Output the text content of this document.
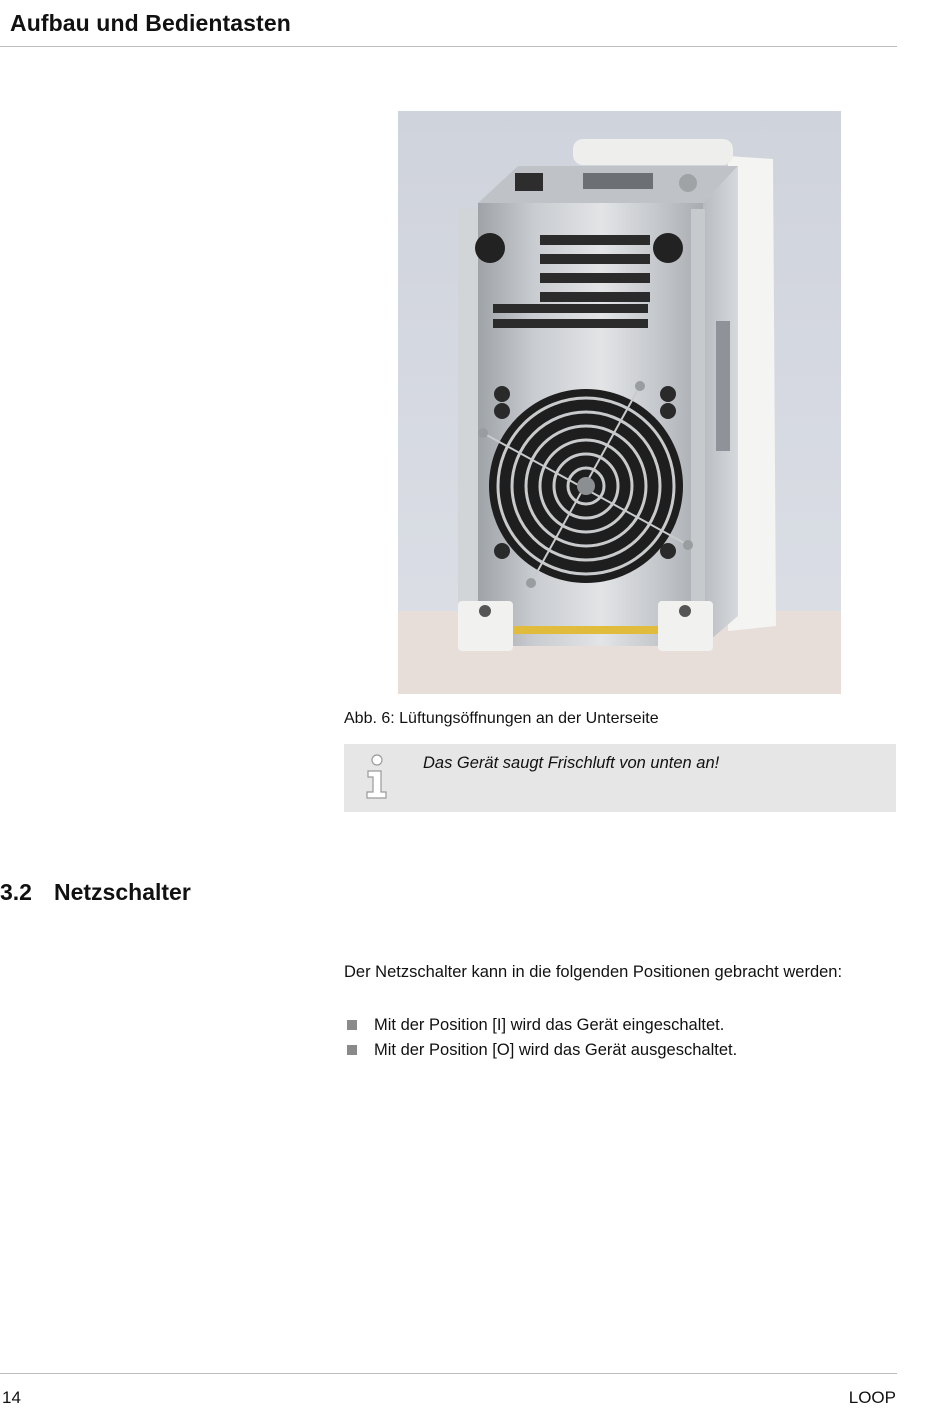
Aufbau und Bedientasten
Abb. 6: Lüftungsöffnungen an der Unterseite
Das Gerät saugt Frischluft von unten an!
3.2 Netzschalter
Der Netzschalter kann in die folgenden Positionen gebracht werden:
Mit der Position [I] wird das Gerät eingeschaltet.
Mit der Position [O] wird das Gerät ausgeschaltet.
14	LOOP
